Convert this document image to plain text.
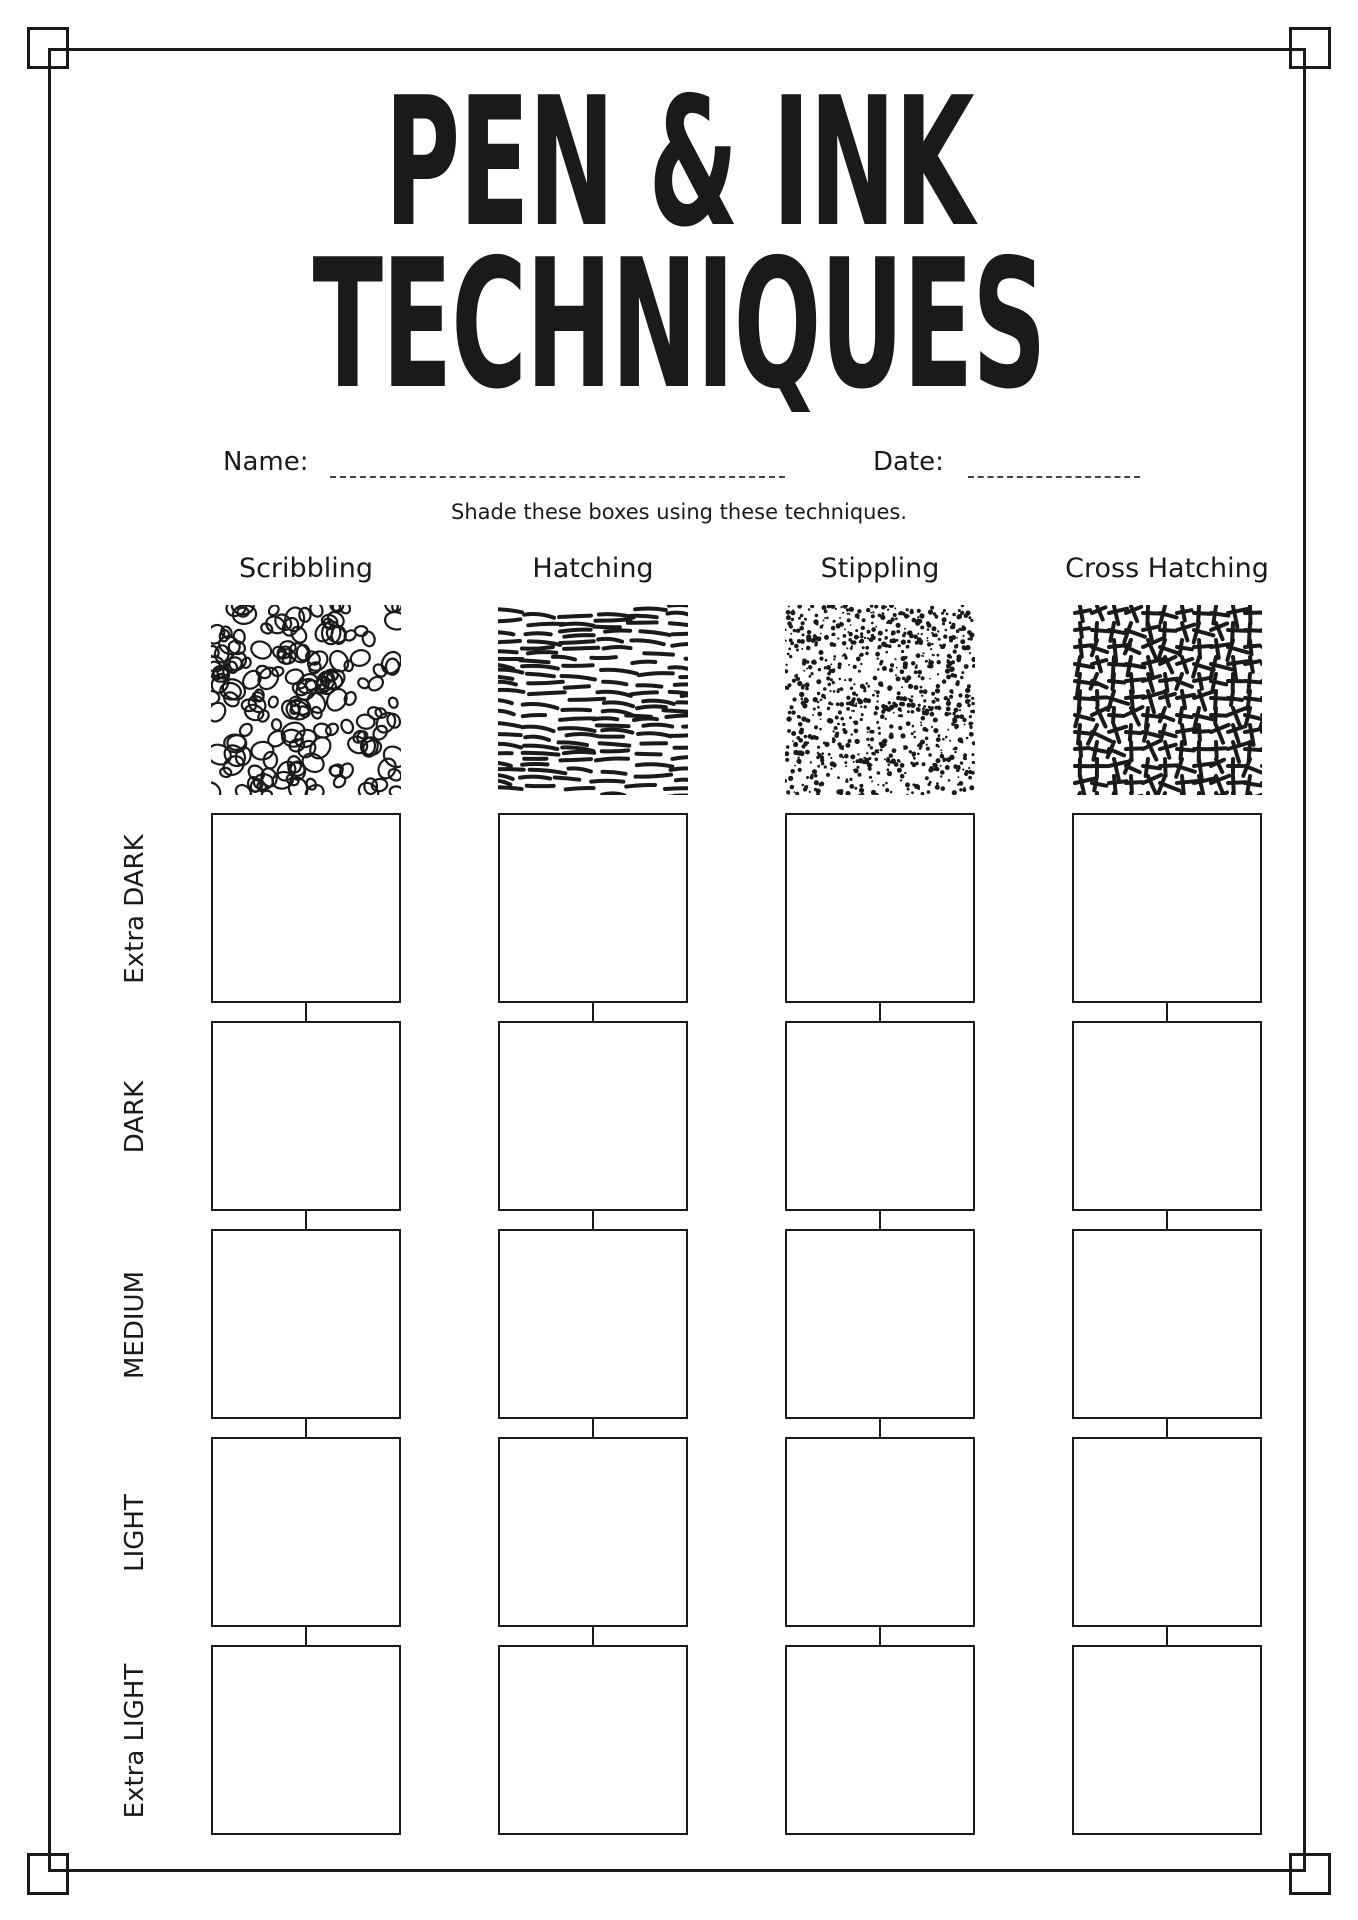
PEN & INK
TECHNIQUES
Name:	Date:
Shade these boxes using these techniques.
Scribbling	Hatching	Stippling	Cross Hatching
Extra DARK
DARK
MEDIUM
LIGHT
Extra LIGHT
